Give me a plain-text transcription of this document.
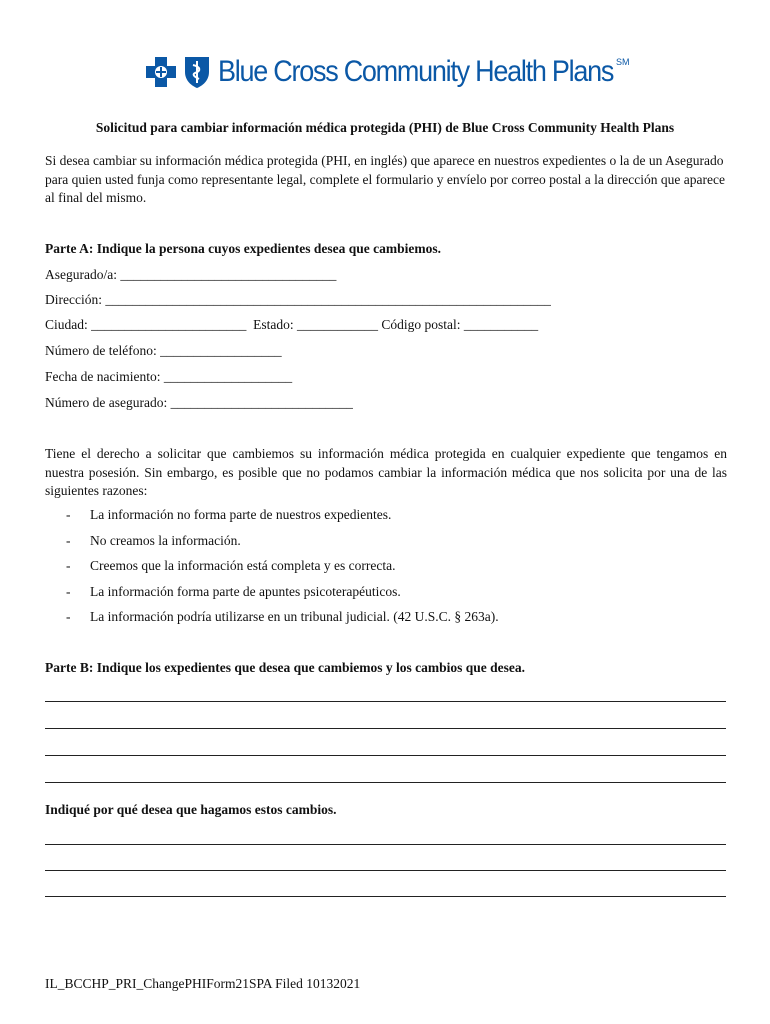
Blue Cross Community Health Plans SM
Solicitud para cambiar información médica protegida (PHI) de Blue Cross Community Health Plans
Si desea cambiar su información médica protegida (PHI, en inglés) que aparece en nuestros expedientes o la de un Asegurado para quien usted funja como representante legal, complete el formulario y envíelo por correo postal a la dirección que aparece al final del mismo.
Parte A: Indique la persona cuyos expedientes desea que cambiemos.
Asegurado/a: ________________________________
Dirección: __________________________________________________________________
Ciudad: _______________________  Estado: ____________ Código postal: ___________
Número de teléfono: __________________
Fecha de nacimiento: ___________________
Número de asegurado: ___________________________
Tiene el derecho a solicitar que cambiemos su información médica protegida en cualquier expediente que tengamos en nuestra posesión. Sin embargo, es posible que no podamos cambiar la información médica que nos solicita por una de las siguientes razones:
- La información no forma parte de nuestros expedientes.
- No creamos la información.
- Creemos que la información está completa y es correcta.
- La información forma parte de apuntes psicoterapéuticos.
- La información podría utilizarse en un tribunal judicial. (42 U.S.C. § 263a).
Parte B: Indique los expedientes que desea que cambiemos y los cambios que desea.
Indiqué por qué desea que hagamos estos cambios.
IL_BCCHP_PRI_ChangePHIForm21SPA Filed 10132021
